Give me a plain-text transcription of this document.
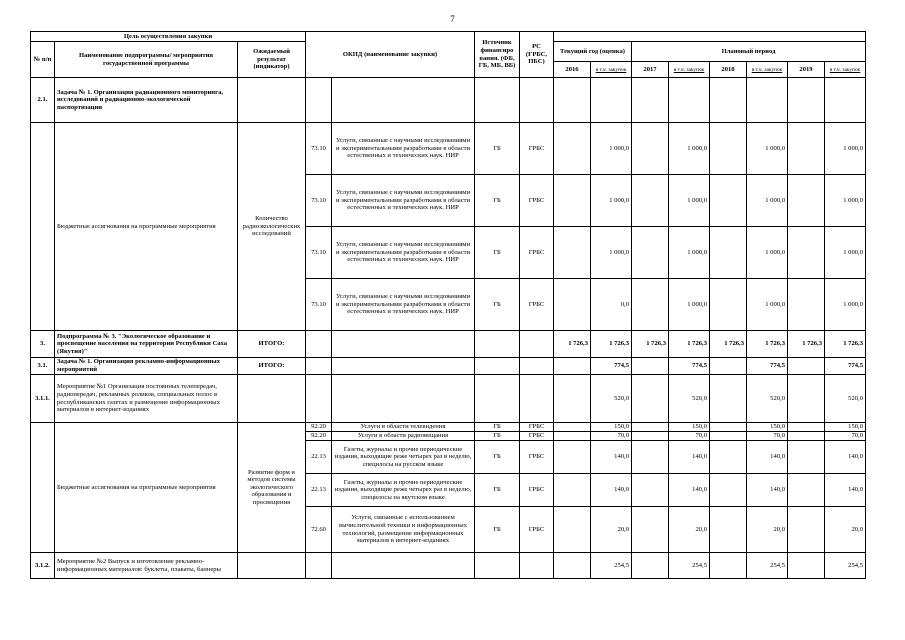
7
Цель осуществления закупки			ОКПД (наименование закупки)		Источник финансиро вания. (ФБ, ГБ, МБ, ВБ)	РС (ГРБС, ПБС)								
№ п/п	Наименование подпрограммы/ мероприятия государственной программы	Ожидаемый результат (индикатор)					Текущий год (оценка)		Плановый период					
							2016	в т.ч. закупок	2017	в т.ч. закупок	2018	в т.ч. закупок	2019	в т.ч. закупок
2.1.	Задача № 1. Организация радиационного мониторинга, исследований и радиационно-экологической паспортизации													
	Бюджетные ассигнования на программные мероприятия	Количество радиоэкологических исследований	73.10	Услуги, связанные с научными исследованиями и экспериментальными разработками в области естественных и технических наук. НИР	ГБ	ГРБС		1 000,0		1 000,0		1 000,0		1 000,0
			73.10	Услуги, связанные с научными исследованиями и экспериментальными разработками в области естественных и технических наук. НИР	ГБ	ГРБС		1 000,0		1 000,0		1 000,0		1 000,0
			73.10	Услуги, связанные с научными исследованиями и экспериментальными разработками в области естественных и технических наук. НИР	ГБ	ГРБС		1 000,0		1 000,0		1 000,0		1 000,0
			73.10	Услуги, связанные с научными исследованиями и экспериментальными разработками в области естественных и технических наук. НИР	ГБ	ГРБС		0,0		1 000,0		1 000,0		1 000,0
3.	Подпрограмма № 3. "Экологическое образование и просвещение населения на территории Республики Саха (Якутия)"	ИТОГО:					1 726,3	1 726,3	1 726,3	1 726,3	1 726,3	1 726,3	1 726,3	1 726,3
3.1.	Задача № 1. Организация рекламно-информационных мероприятий	ИТОГО:						774,5		774,5		774,5		774,5
3.1.1.	Мероприятие №1 Организация постоянных телепередач, радиопередач, рекламных роликов, специальных полос в республиканских газетах и размещение информационных материалов в интернет-изданиях							520,0		520,0		520,0		520,0
	Бюджетные ассигнования на программные мероприятия	Развитие форм и методов системы экологического образования и просвещения	92.20	Услуги в области телевидения	ГБ	ГРБС		150,0		150,0		150,0		150,0
			92.20	Услуги в области радиовещания	ГБ	ГРБС		70,0		70,0		70,0		70,0
			22.13	Газеты, журналы и прочие периодические издания, выходящие реже четырех раз в неделю, специлосы на русском языке	ГБ	ГРБС		140,0		140,0		140,0		140,0
			22.13	Газеты, журналы и прочие периодические издания, выходящие реже четырех раз в неделю, специлосы на якутском языке	ГБ	ГРБС		140,0		140,0		140,0		140,0
			72.60	Услуги, связанные с использованием вычислительной техники и информационных технологий, размещение информационных материалов в интернет-изданиях	ГБ	ГРБС		20,0		20,0		20,0		20,0
3.1.2.	Мероприятие №2 Выпуск и изготовление рекламно-информационных материалов: буклеты, плакаты, баннеры							254,5		254,5		254,5		254,5
